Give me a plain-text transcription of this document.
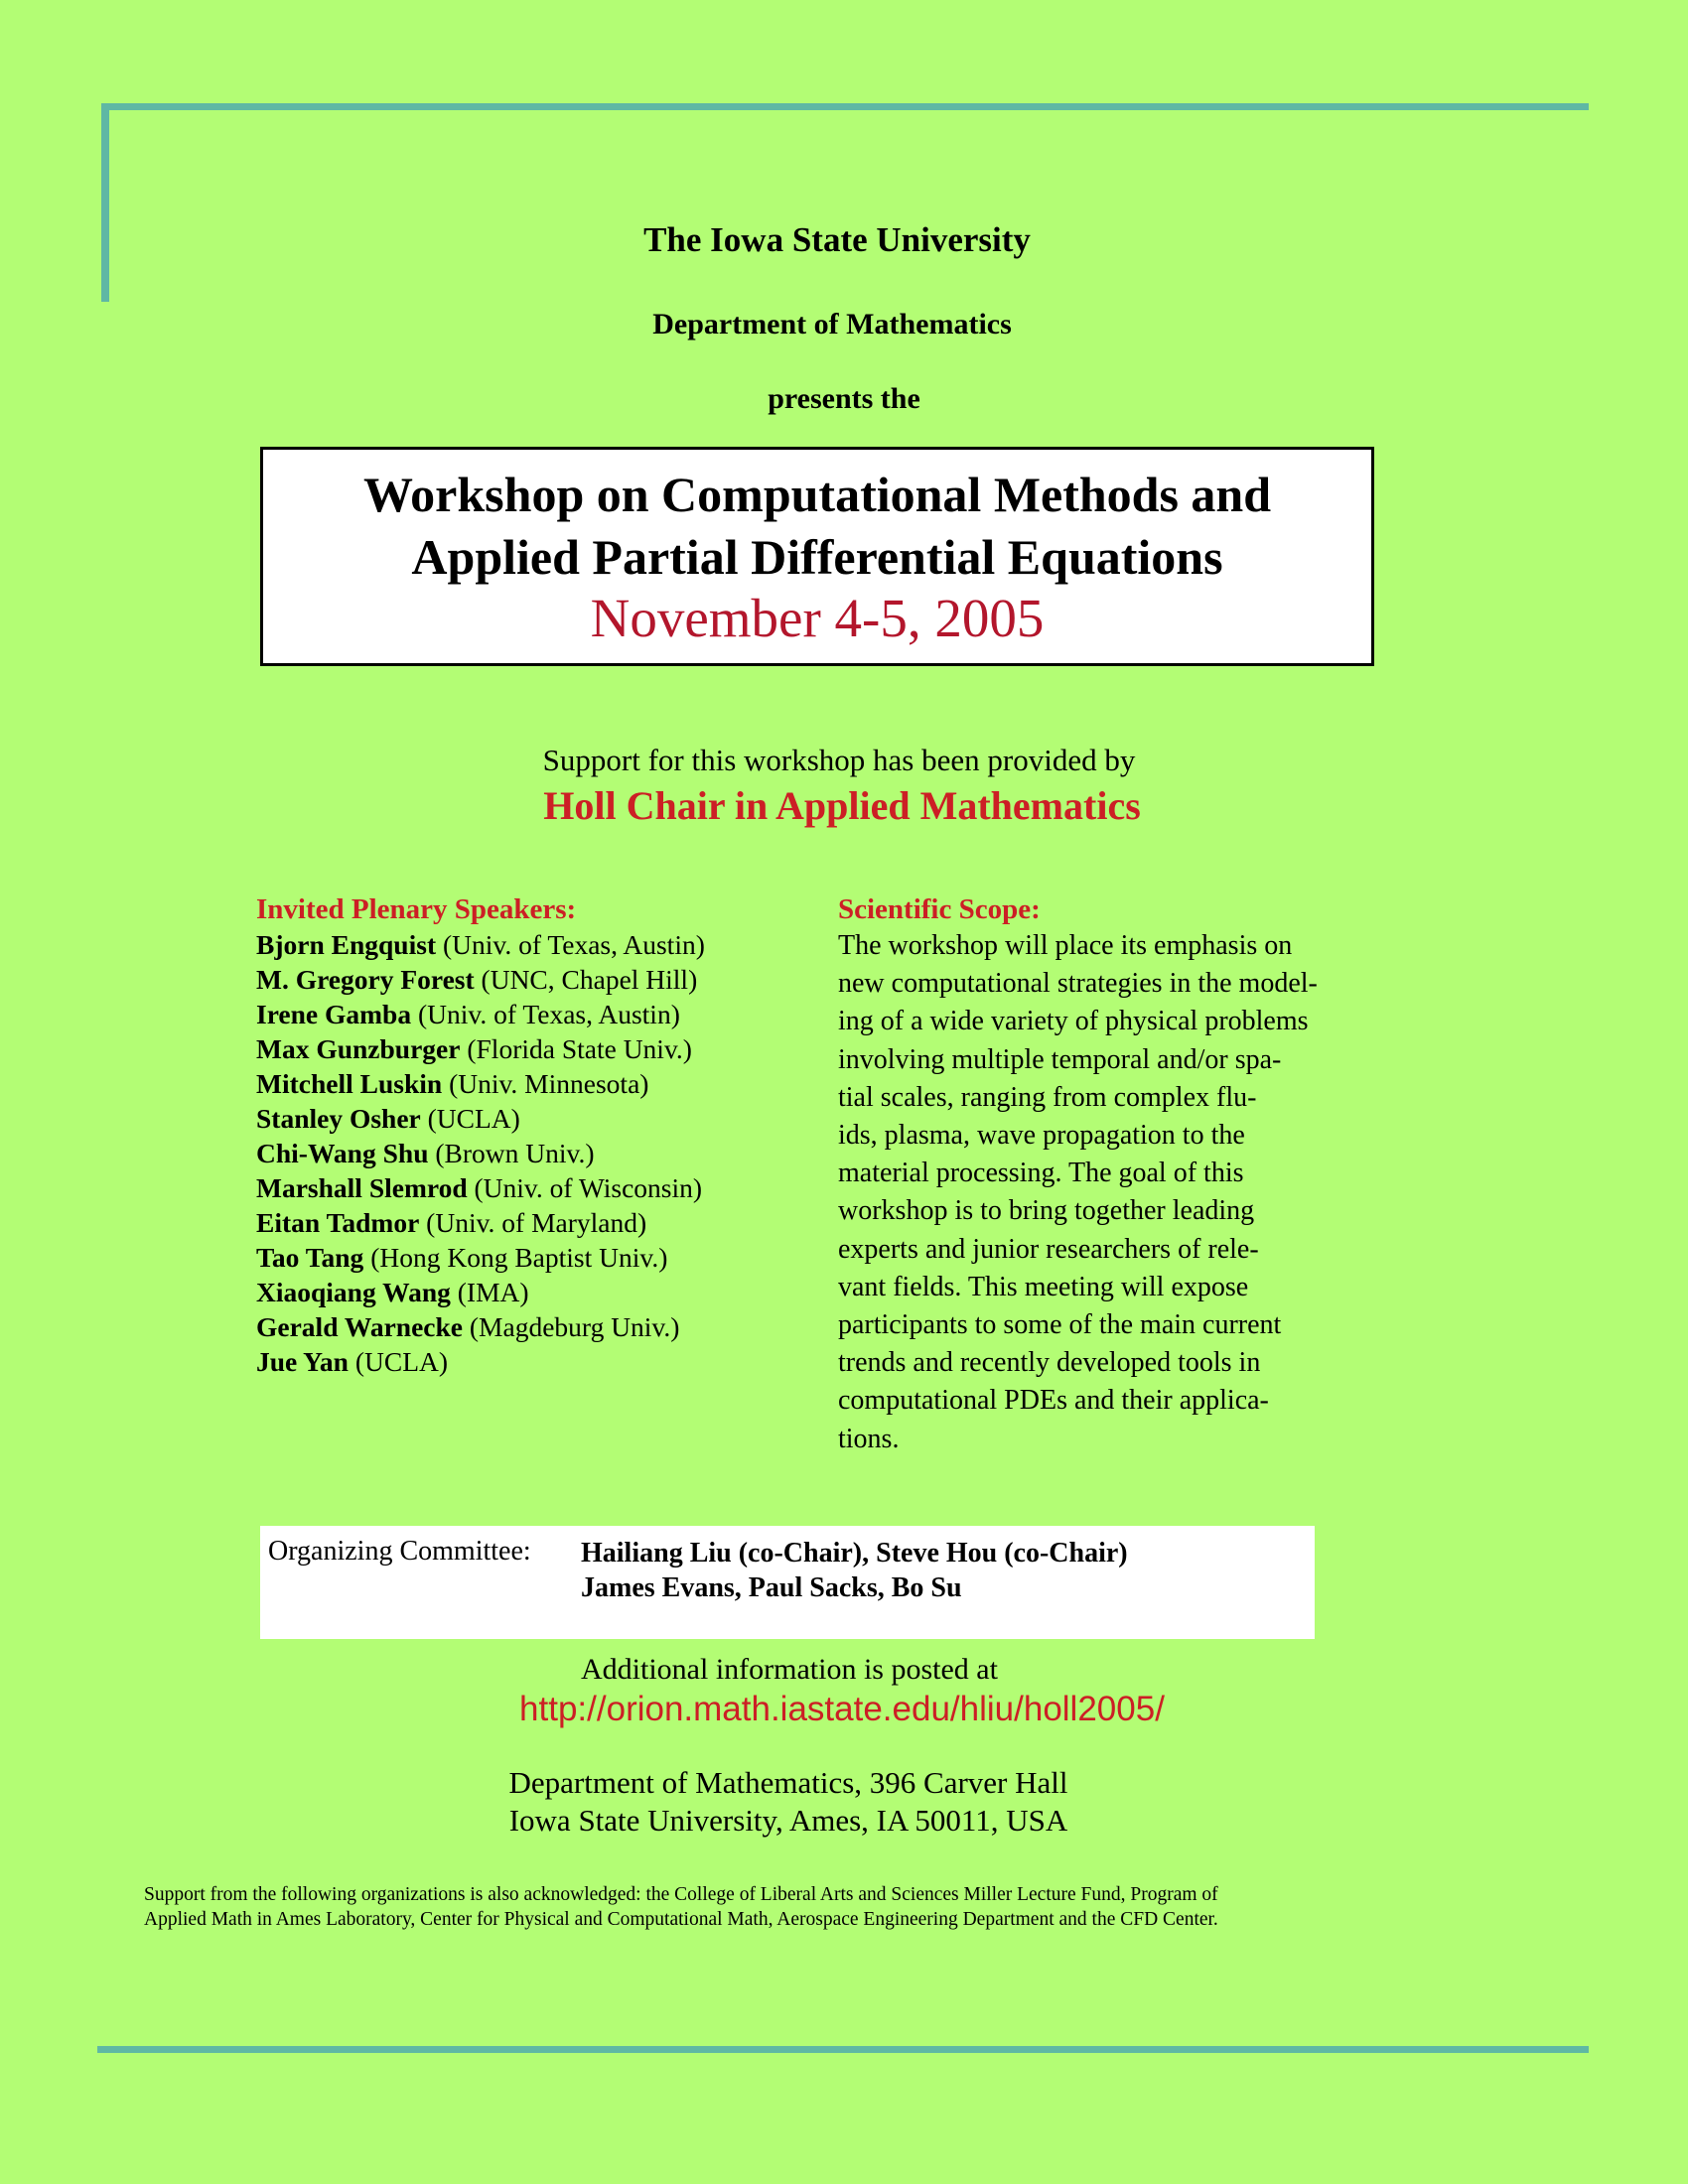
The Iowa State University
Department of Mathematics
presents the
Workshop on Computational Methods and
Applied Partial Differential Equations
November 4-5, 2005
Support for this workshop has been provided by
Holl Chair in Applied Mathematics
Invited Plenary Speakers:
Bjorn Engquist (Univ. of Texas, Austin)
M. Gregory Forest (UNC, Chapel Hill)
Irene Gamba (Univ. of Texas, Austin)
Max Gunzburger (Florida State Univ.)
Mitchell Luskin (Univ. Minnesota)
Stanley Osher (UCLA)
Chi-Wang Shu (Brown Univ.)
Marshall Slemrod (Univ. of Wisconsin)
Eitan Tadmor (Univ. of Maryland)
Tao Tang (Hong Kong Baptist Univ.)
Xiaoqiang Wang (IMA)
Gerald Warnecke (Magdeburg Univ.)
Jue Yan (UCLA)
Scientific Scope:
The workshop will place its emphasis on
new computational strategies in the model-
ing of a wide variety of physical problems
involving multiple temporal and/or spa-
tial scales, ranging from complex flu-
ids, plasma, wave propagation to the
material processing. The goal of this
workshop is to bring together leading
experts and junior researchers of rele-
vant fields. This meeting will expose
participants to some of the main current
trends and recently developed tools in
computational PDEs and their applica-
tions.
Organizing Committee: Hailiang Liu (co-Chair), Steve Hou (co-Chair)
James Evans, Paul Sacks, Bo Su
Additional information is posted at
http://orion.math.iastate.edu/hliu/holl2005/
Department of Mathematics, 396 Carver Hall
Iowa State University, Ames, IA 50011, USA
Support from the following organizations is also acknowledged: the College of Liberal Arts and Sciences Miller Lecture Fund, Program of
Applied Math in Ames Laboratory, Center for Physical and Computational Math, Aerospace Engineering Department and the CFD Center.
